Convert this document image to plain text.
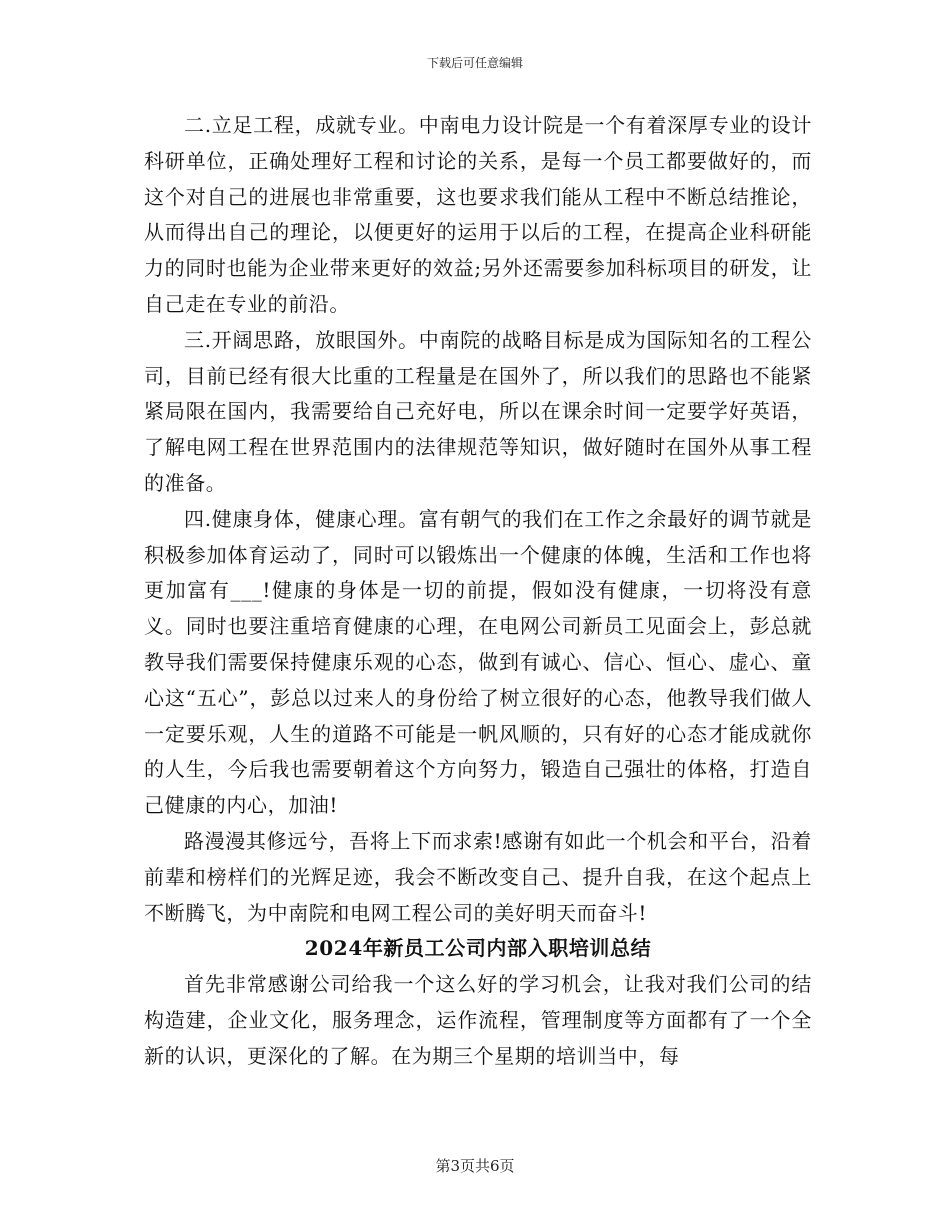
下载后可任意编辑

二.立足工程，成就专业。中南电力设计院是一个有着深厚专业的设计科研单位，正确处理好工程和讨论的关系，是每一个员工都要做好的，而这个对自己的进展也非常重要，这也要求我们能从工程中不断总结推论，从而得出自己的理论，以便更好的运用于以后的工程，在提高企业科研能力的同时也能为企业带来更好的效益;另外还需要参加科标项目的研发，让自己走在专业的前沿。

三.开阔思路，放眼国外。中南院的战略目标是成为国际知名的工程公司，目前已经有很大比重的工程量是在国外了，所以我们的思路也不能紧紧局限在国内，我需要给自己充好电，所以在课余时间一定要学好英语，了解电网工程在世界范围内的法律规范等知识，做好随时在国外从事工程的准备。

四.健康身体，健康心理。富有朝气的我们在工作之余最好的调节就是积极参加体育运动了，同时可以锻炼出一个健康的体魄，生活和工作也将更加富有___!健康的身体是一切的前提，假如没有健康，一切将没有意义。同时也要注重培育健康的心理，在电网公司新员工见面会上，彭总就教导我们需要保持健康乐观的心态，做到有诚心、信心、恒心、虚心、童心这“五心”，彭总以过来人的身份给了树立很好的心态，他教导我们做人一定要乐观，人生的道路不可能是一帆风顺的，只有好的心态才能成就你的人生，今后我也需要朝着这个方向努力，锻造自己强壮的体格，打造自己健康的内心，加油!

路漫漫其修远兮，吾将上下而求索!感谢有如此一个机会和平台，沿着前辈和榜样们的光辉足迹，我会不断改变自己、提升自我，在这个起点上不断腾飞，为中南院和电网工程公司的美好明天而奋斗!

2024年新员工公司内部入职培训总结

首先非常感谢公司给我一个这么好的学习机会，让我对我们公司的结构造建，企业文化，服务理念，运作流程，管理制度等方面都有了一个全新的认识，更深化的了解。在为期三个星期的培训当中，每

第3页共6页
